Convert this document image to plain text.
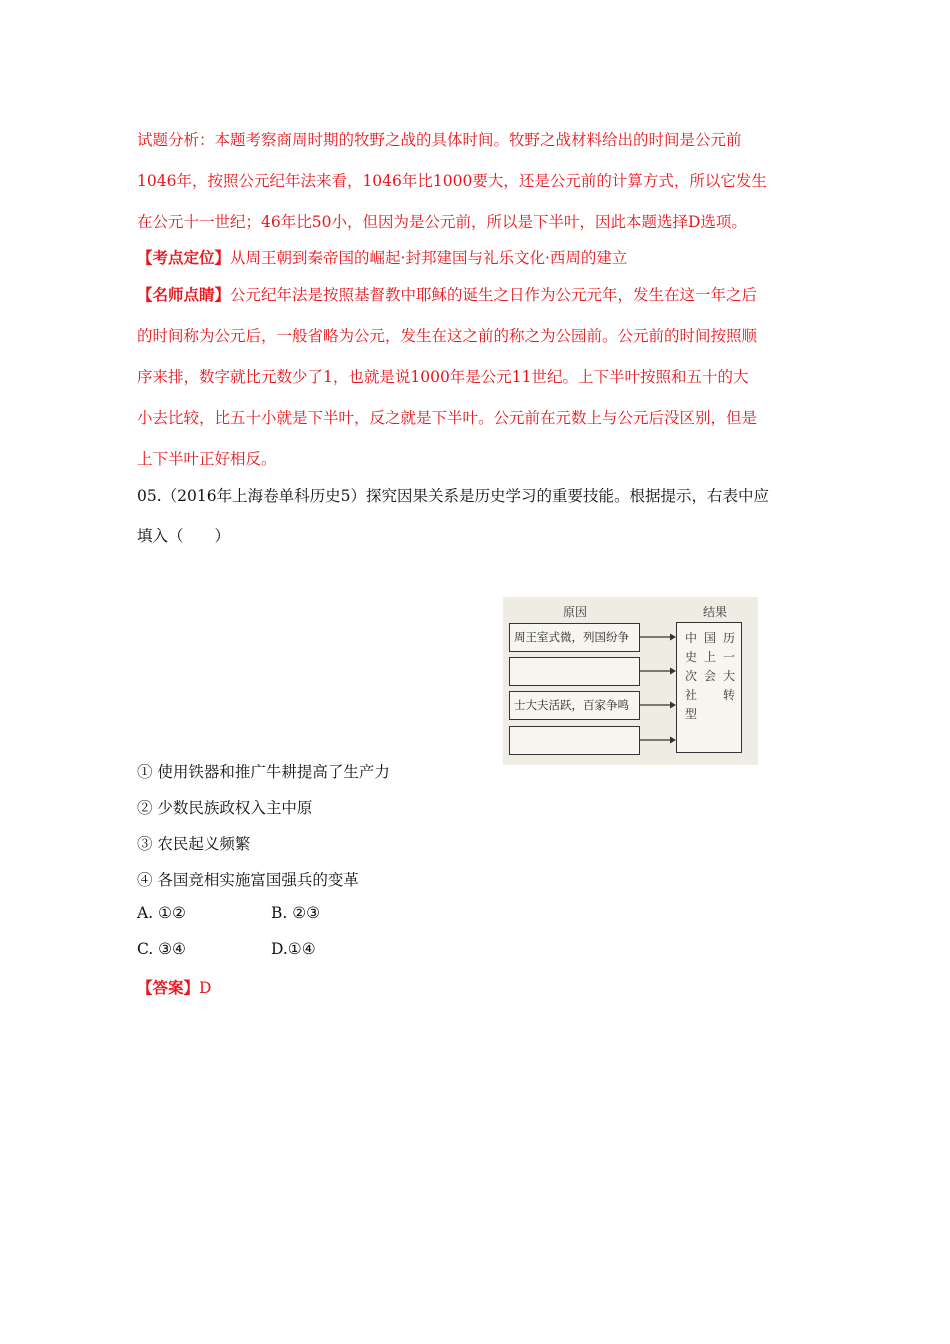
试题分析：本题考察商周时期的牧野之战的具体时间。牧野之战材料给出的时间是公元前
1046年，按照公元纪年法来看，1046年比1000要大，还是公元前的计算方式，所以它发生
在公元十一世纪；46年比50小，但因为是公元前，所以是下半叶，因此本题选择D选项。
【考点定位】从周王朝到秦帝国的崛起·封邦建国与礼乐文化·西周的建立
【名师点睛】公元纪年法是按照基督教中耶稣的诞生之日作为公元元年，发生在这一年之后
的时间称为公元后，一般省略为公元，发生在这之前的称之为公园前。公元前的时间按照顺
序来排，数字就比元数少了1，也就是说1000年是公元11世纪。上下半叶按照和五十的大
小去比较，比五十小就是下半叶，反之就是下半叶。公元前在元数上与公元后没区别，但是
上下半叶正好相反。
05.（2016年上海卷单科历史5）探究因果关系是历史学习的重要技能。根据提示，右表中应
填入（　　）
原因	结果
周王室式微，列国纷争
士大夫活跃，百家争鸣
中史次社型
国上会
历一大转
① 使用铁器和推广牛耕提高了生产力
② 少数民族政权入主中原
③ 农民起义频繁
④ 各国竞相实施富国强兵的变革
A. ①②	B. ②③
C. ③④	D.①④
【答案】D
